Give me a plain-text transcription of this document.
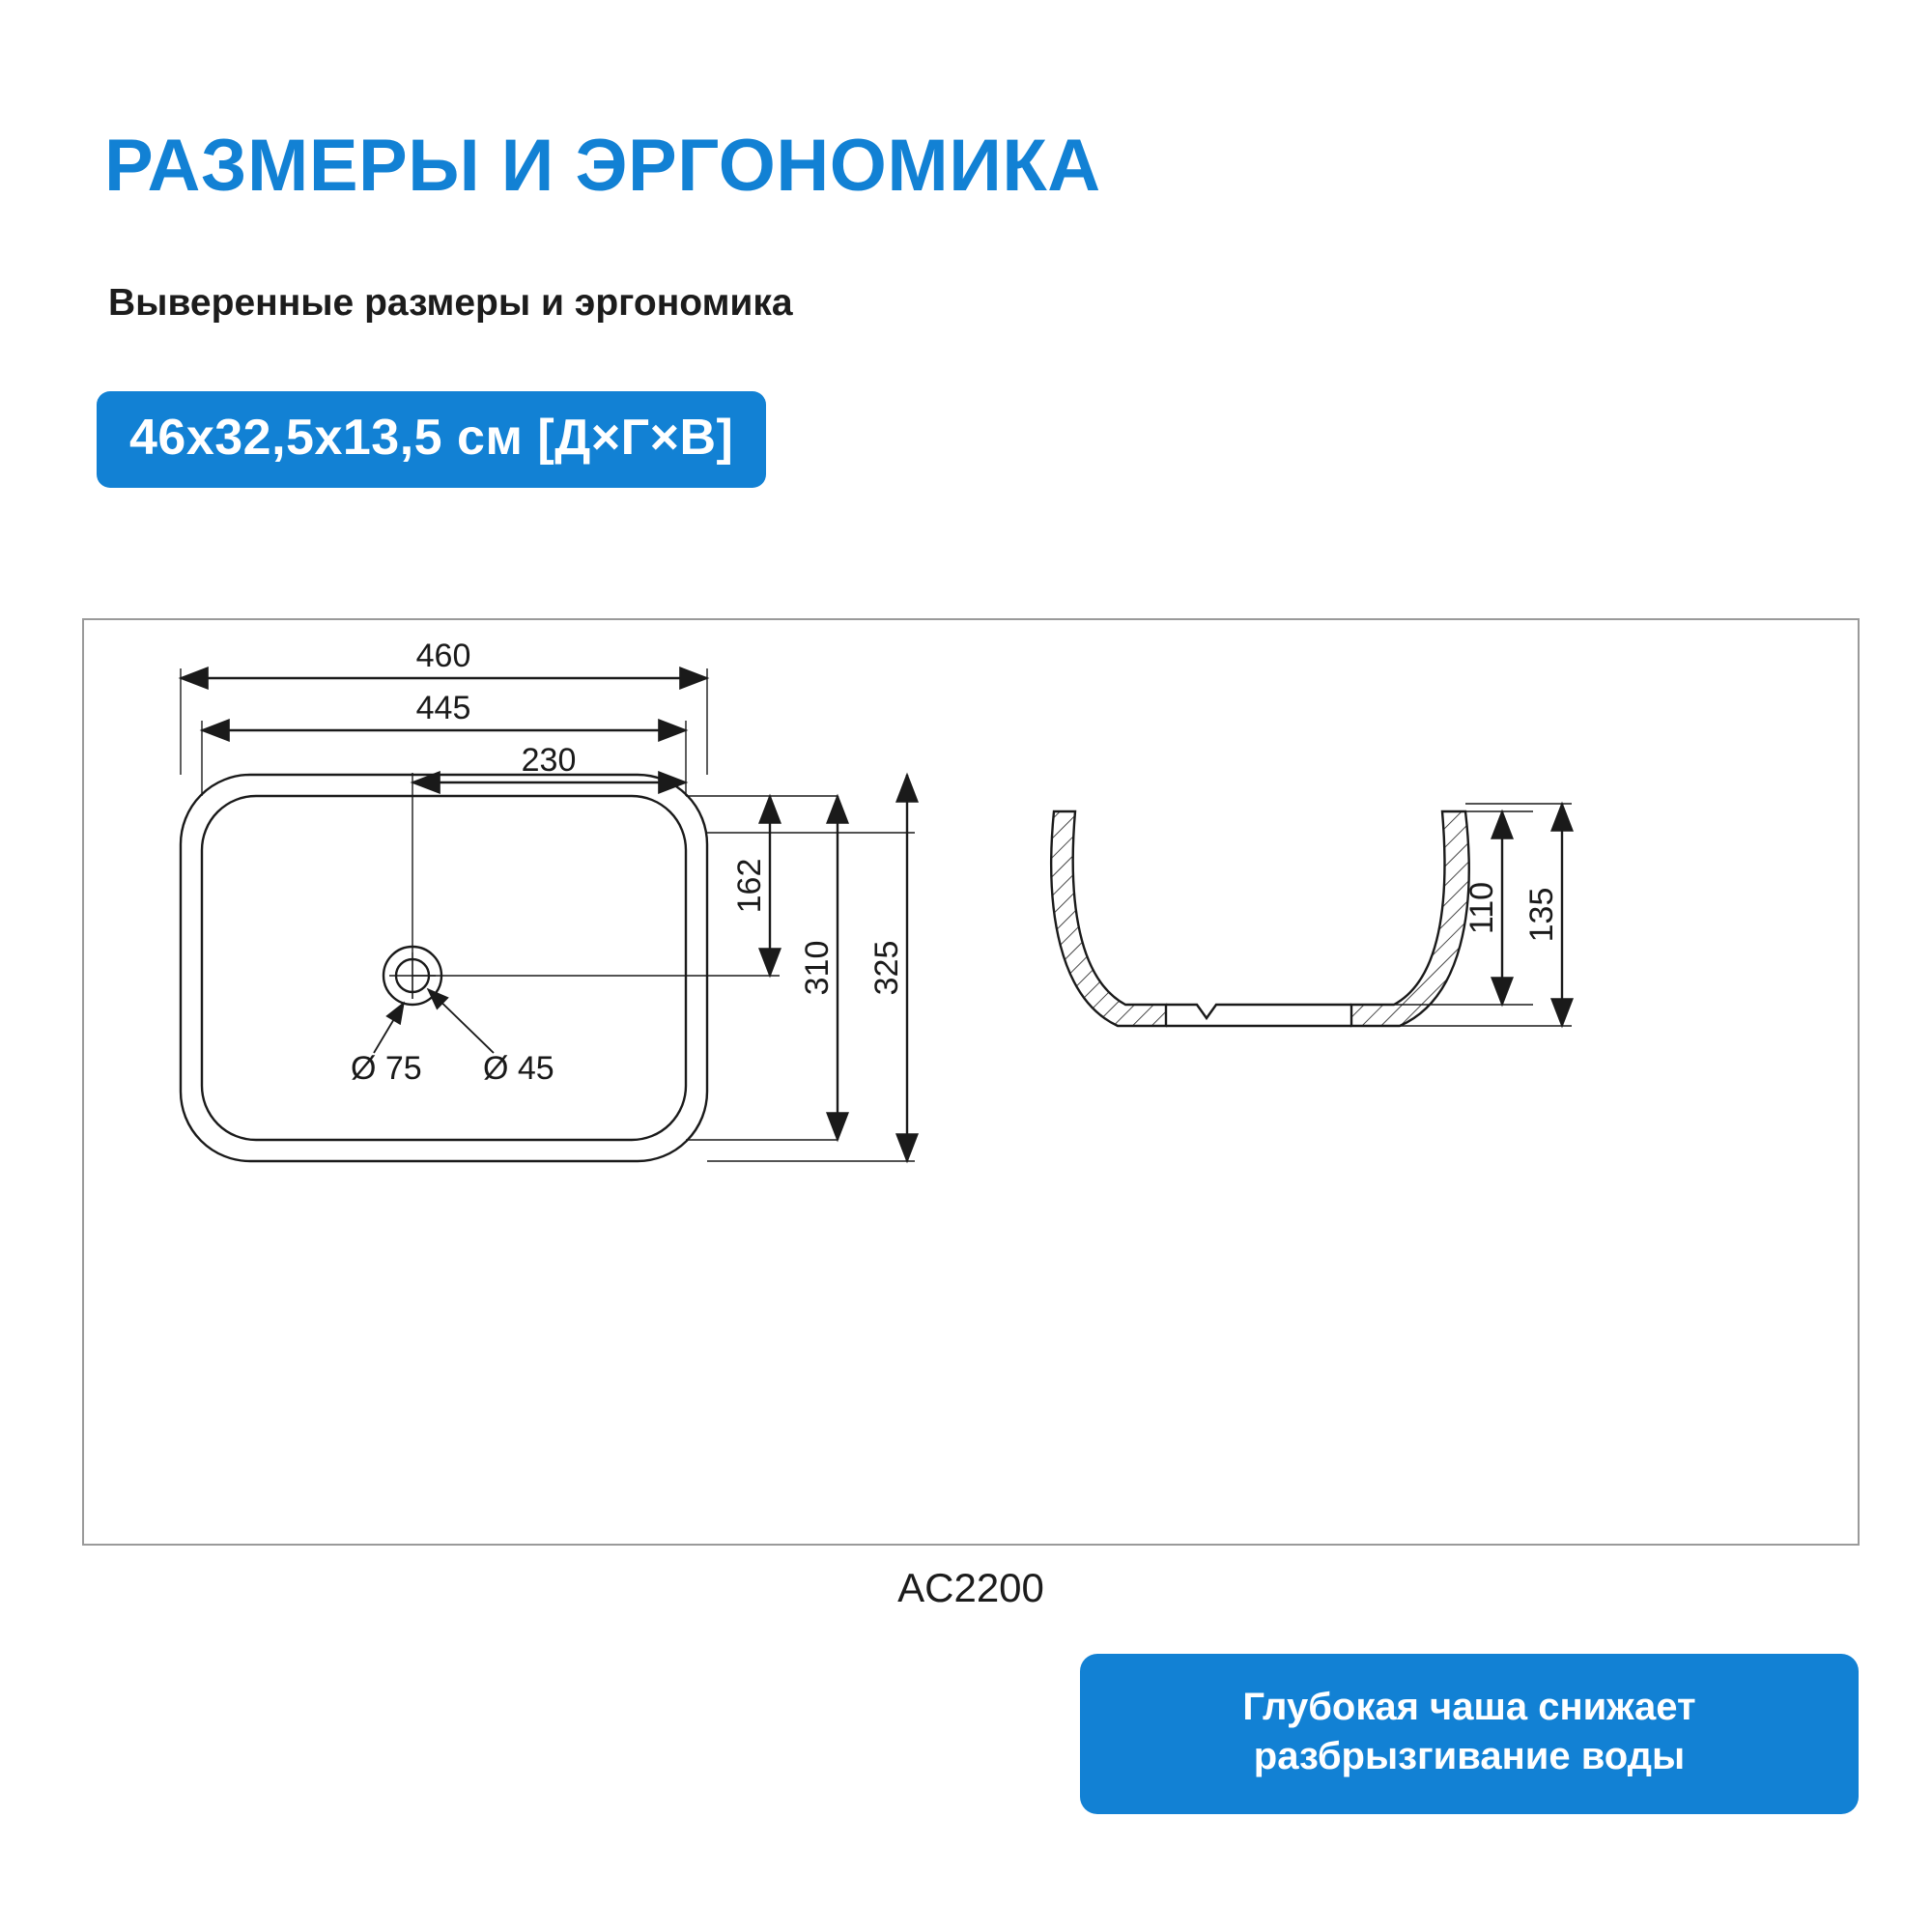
РАЗМЕРЫ И ЭРГОНОМИКА
Выверенные размеры и эргономика
46x32,5x13,5 см [Д×Г×В]
460
445
230
162
310 325
Ø 75 Ø 45
110 135
AC2200
Глубокая чаша снижает
разбрызгивание воды
